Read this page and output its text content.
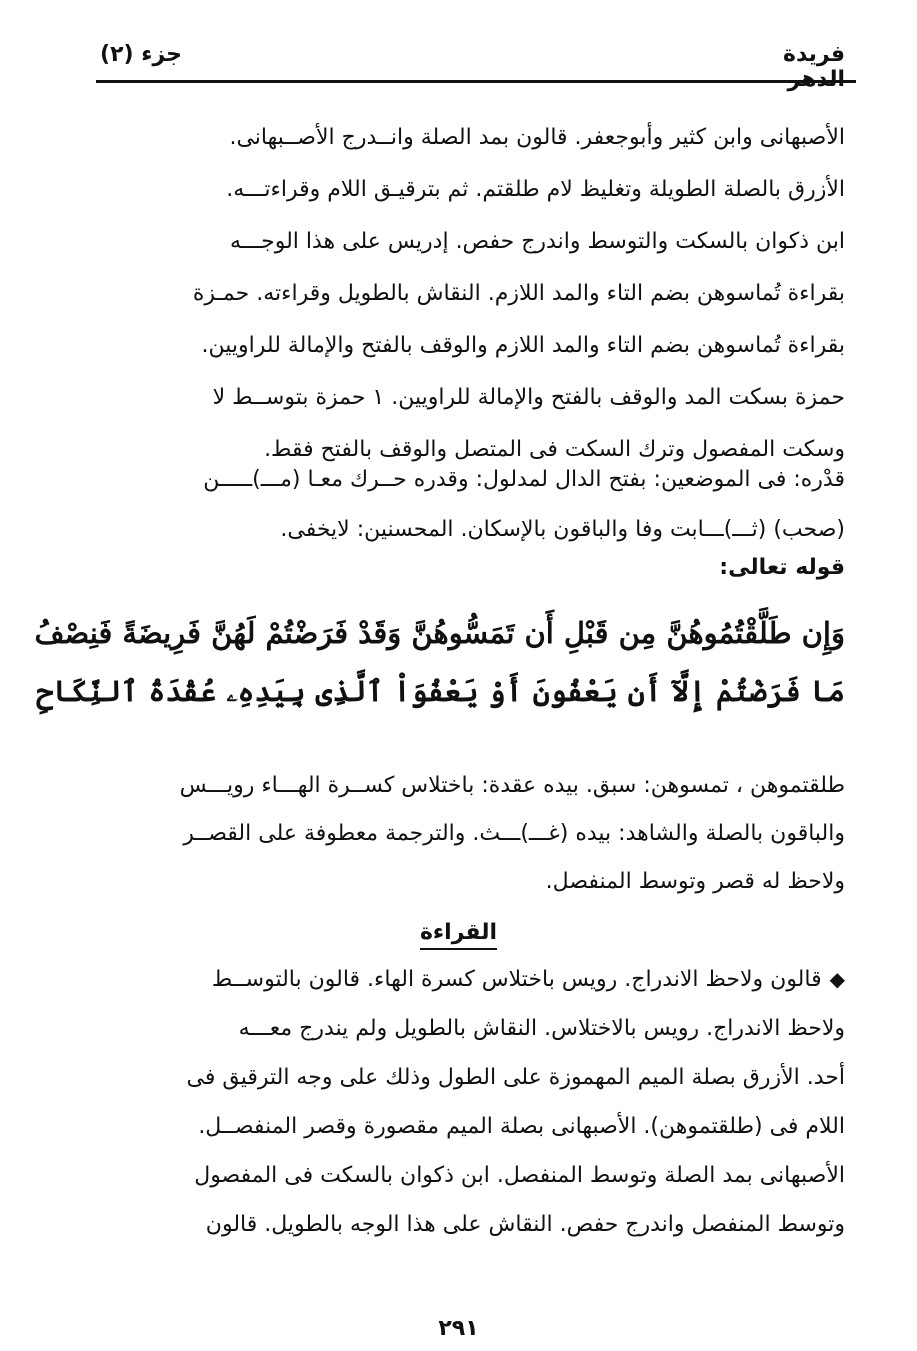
فريدة
جزء (٢)
الأصبهانى وابن كثير وأبوجعفر. قالون بمد الصلة وانــدرج الأصــبهانى.
الأزرق بالصلة الطويلة وتغليظ لام طلقتم. ثم بترقيـق اللام وقراءتـــه.
ابن ذكوان بالسكت والتوسط واندرج حفص. إدريس على هذا الوجـــه
بقراءة تُماسوهن بضم التاء والمد اللازم. النقاش بالطويل وقراءته. حمـزة
بقراءة تُماسوهن بضم التاء والمد اللازم والوقف بالفتح والإمالة للراويين.
حمزة بسكت المد والوقف بالفتح والإمالة للراويين. ١ حمزة بتوســط لا
وسكت المفصول وترك السكت فى المتصل والوقف بالفتح فقط.
قدْره: فى الموضعين: بفتح الدال لمدلول: وقدره حــرك معـا (مـــ)ـــــن
(صحب) (ثـــ)ـــابت وفا والباقون بالإسكان. المحسنين: لايخفى.
قوله تعالى:
وَإِن طَلَّقْتُمُوهُنَّ مِن قَبْلِ أَن تَمَسُّوهُنَّ وَقَدْ فَرَضْتُمْ لَهُنَّ فَرِيضَةً فَنِصْفُ
مَا فَرَضْتُمْ إِلَّآ أَن يَعْفُونَ أَوْ يَعْفُوَاْ ٱلَّذِى بِيَدِهِۦ عُقْدَةُ ٱلنِّكَاحِ
طلقتموهن ، تمسوهن: سبق. بيده عقدة: باختلاس كســرة الهـــاء رويـــس
والباقون بالصلة والشاهد: بيده (غـــ)ـــث. والترجمة معطوفة على القصــر
ولاحظ له قصر وتوسط المنفصل.
القراءة
◆قالون ولاحظ الاندراج. رويس باختلاس كسرة الهاء. قالون بالتوســط
ولاحظ الاندراج. رويس بالاختلاس. النقاش بالطويل ولم يندرج معـــه
أحد. الأزرق بصلة الميم المهموزة على الطول وذلك على وجه الترقيق فى
اللام فى (طلقتموهن). الأصبهانى بصلة الميم مقصورة وقصر المنفصــل.
الأصبهانى بمد الصلة وتوسط المنفصل. ابن ذكوان بالسكت فى المفصول
وتوسط المنفصل واندرج حفص. النقاش على هذا الوجه بالطويل. قالون
٢٩١
